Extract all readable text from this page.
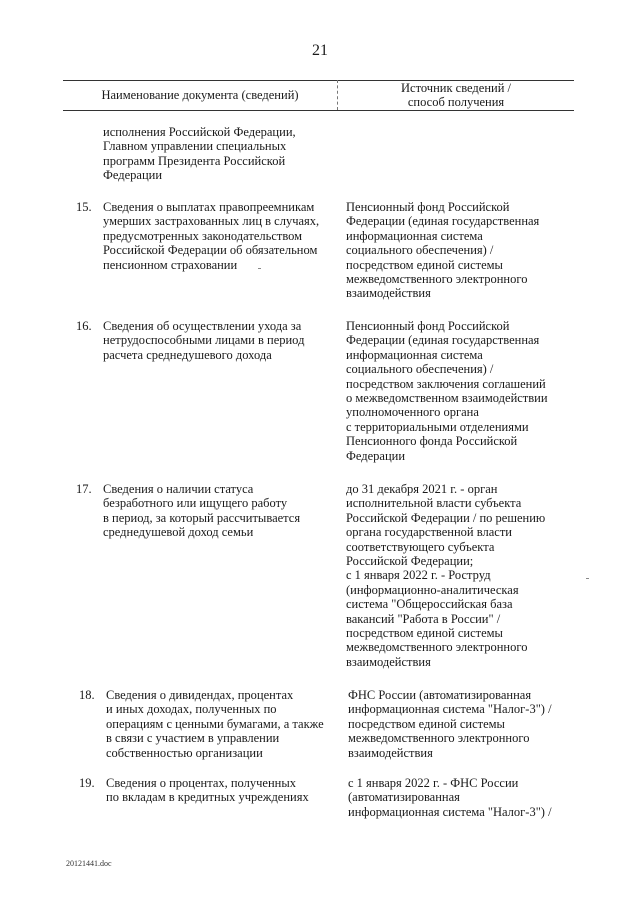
21
Наименование документа (сведений)	Источник сведений /
способ получения
исполнения Российской Федерации,
Главном управлении специальных
программ Президента Российской
Федерации
15. Сведения о выплатах правопреемникам
умерших застрахованных лиц в случаях,
предусмотренных законодательством
Российской Федерации об обязательном
пенсионном страховании
Пенсионный фонд Российской
Федерации (единая государственная
информационная система
социального обеспечения) /
посредством единой системы
межведомственного электронного
взаимодействия
16. Сведения об осуществлении ухода за
нетрудоспособными лицами в период
расчета среднедушевого дохода
Пенсионный фонд Российской
Федерации (единая государственная
информационная система
социального обеспечения) /
посредством заключения соглашений
о межведомственном взаимодействии
уполномоченного органа
с территориальными отделениями
Пенсионного фонда Российской
Федерации
17. Сведения о наличии статуса
безработного или ищущего работу
в период, за который рассчитывается
среднедушевой доход семьи
до 31 декабря 2021 г. - орган
исполнительной власти субъекта
Российской Федерации / по решению
органа государственной власти
соответствующего субъекта
Российской Федерации;
с 1 января 2022 г. - Роструд
(информационно-аналитическая
система "Общероссийская база
вакансий "Работа в России" /
посредством единой системы
межведомственного электронного
взаимодействия
18. Сведения о дивидендах, процентах
и иных доходах, полученных по
операциям с ценными бумагами, а также
в связи с участием в управлении
собственностью организации
ФНС России (автоматизированная
информационная система "Налог-3") /
посредством единой системы
межведомственного электронного
взаимодействия
19. Сведения о процентах, полученных
по вкладам в кредитных учреждениях
с 1 января 2022 г. - ФНС России
(автоматизированная
информационная система "Налог-3") /
20121441.doc
